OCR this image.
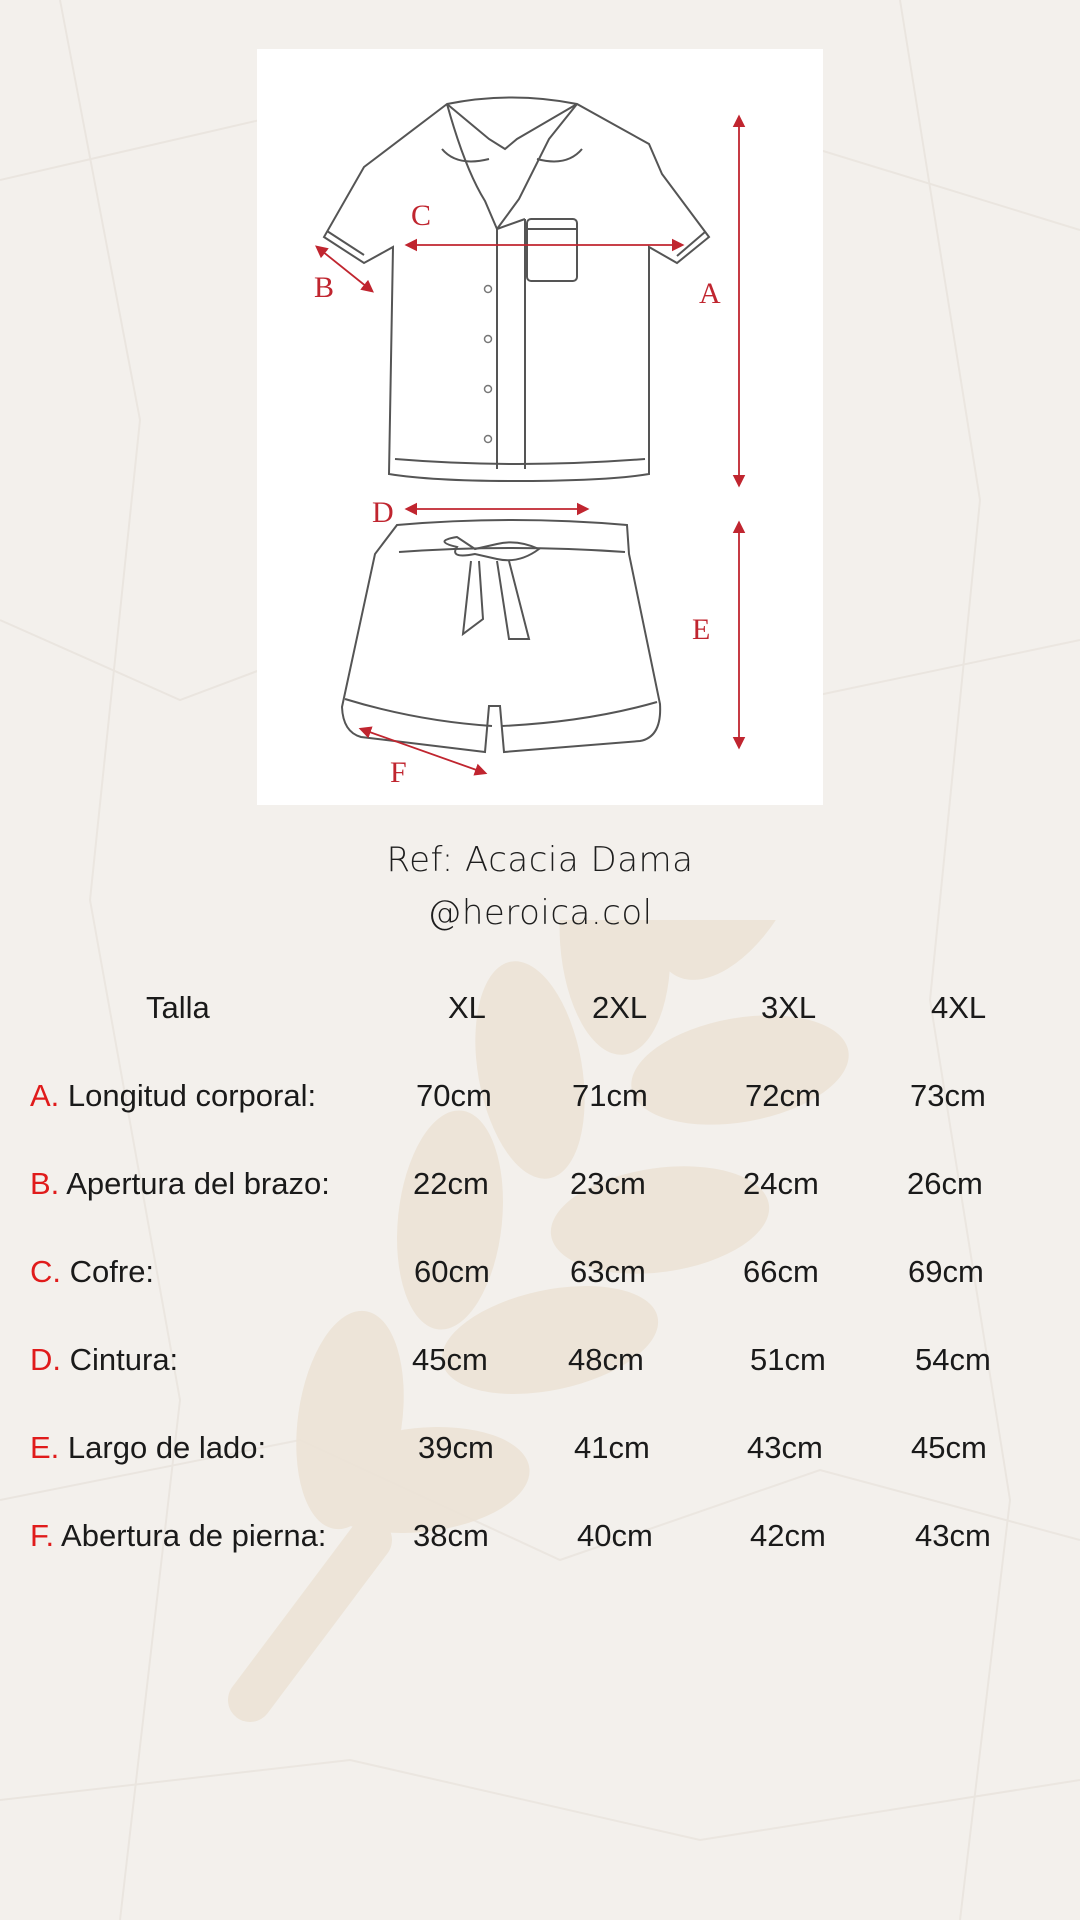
C
A
B
D
E
F
Ref: Acacia Dama
@heroica.col
Talla	XL	2XL	3XL	4XL
A. Longitud corporal:	70cm	71cm	72cm	73cm
B. Apertura del brazo:	22cm	23cm	24cm	26cm
C. Cofre:	60cm	63cm	66cm	69cm
D. Cintura:	45cm	48cm	51cm	54cm
E. Largo de lado:	39cm	41cm	43cm	45cm
F. Abertura de pierna:	38cm	40cm	42cm	43cm
